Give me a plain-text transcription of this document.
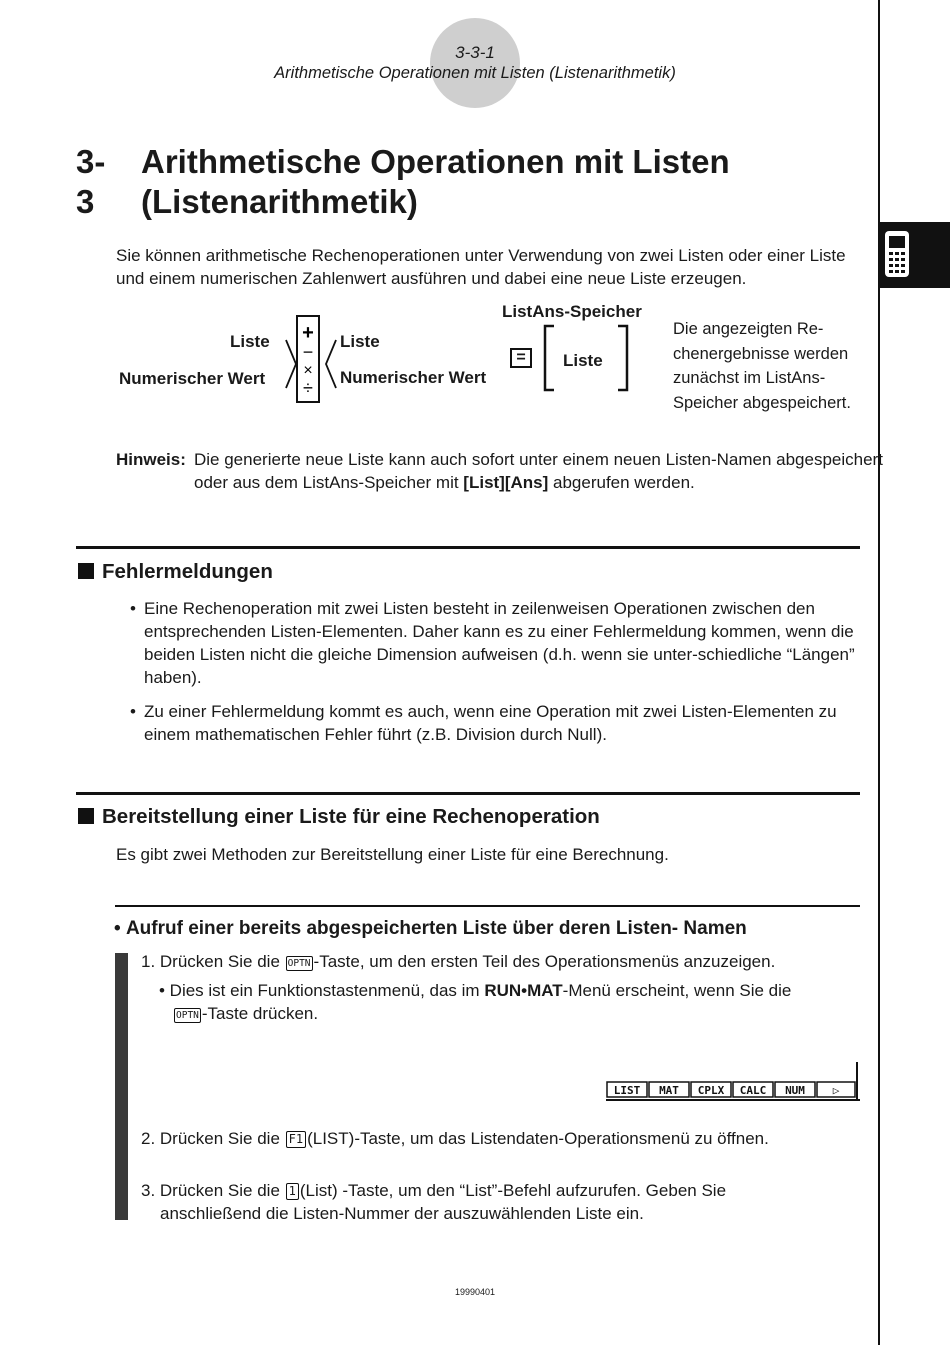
3-3-1
Arithmetische Operationen mit Listen (Listenarithmetik)
3-3
Arithmetische Operationen mit Listen (Listenarithmetik)
Sie können arithmetische Rechenoperationen unter Verwendung von zwei Listen oder einer Liste und einem numerischen Zahlenwert ausführen und dabei eine neue Liste erzeugen.
Liste
Numerischer Wert
+
−
×
÷
Liste
Numerischer Wert
ListAns-Speicher
=	Liste
Die angezeigten Re-chenergebnisse werden zunächst im ListAns-Speicher abgespeichert.
Hinweis: Die generierte neue Liste kann auch sofort unter einem neuen Listen-Namen abgespeichert oder aus dem ListAns-Speicher mit [List][Ans] abgerufen werden.
Fehlermeldungen
• Eine Rechenoperation mit zwei Listen besteht in zeilenweisen Operationen zwischen den entsprechenden Listen-Elementen. Daher kann es zu einer Fehlermeldung kommen, wenn die beiden Listen nicht die gleiche Dimension aufweisen (d.h. wenn sie unter-schiedliche “Längen” haben).
• Zu einer Fehlermeldung kommt es auch, wenn eine Operation mit zwei Listen-Elementen zu einem mathematischen Fehler führt (z.B. Division durch Null).
Bereitstellung einer Liste für eine Rechenoperation
Es gibt zwei Methoden zur Bereitstellung einer Liste für eine Berechnung.
• Aufruf einer bereits abgespeicherten Liste über deren Listen- Namen
1. Drücken Sie die OPTN -Taste, um den ersten Teil des Operationsmenüs anzuzeigen.
• Dies ist ein Funktionstastenmenü, das im RUN•MAT-Menü erscheint, wenn Sie die
OPTN -Taste drücken.
LIST MAT CPLX CALC NUM	▷
2. Drücken Sie die F1 (LIST)-Taste, um das Listendaten-Operationsmenü zu öffnen.
3. Drücken Sie die 1 (List) -Taste, um den “List”-Befehl aufzurufen. Geben Sie
anschließend die Listen-Nummer der auszuwählenden Liste ein.
19990401
